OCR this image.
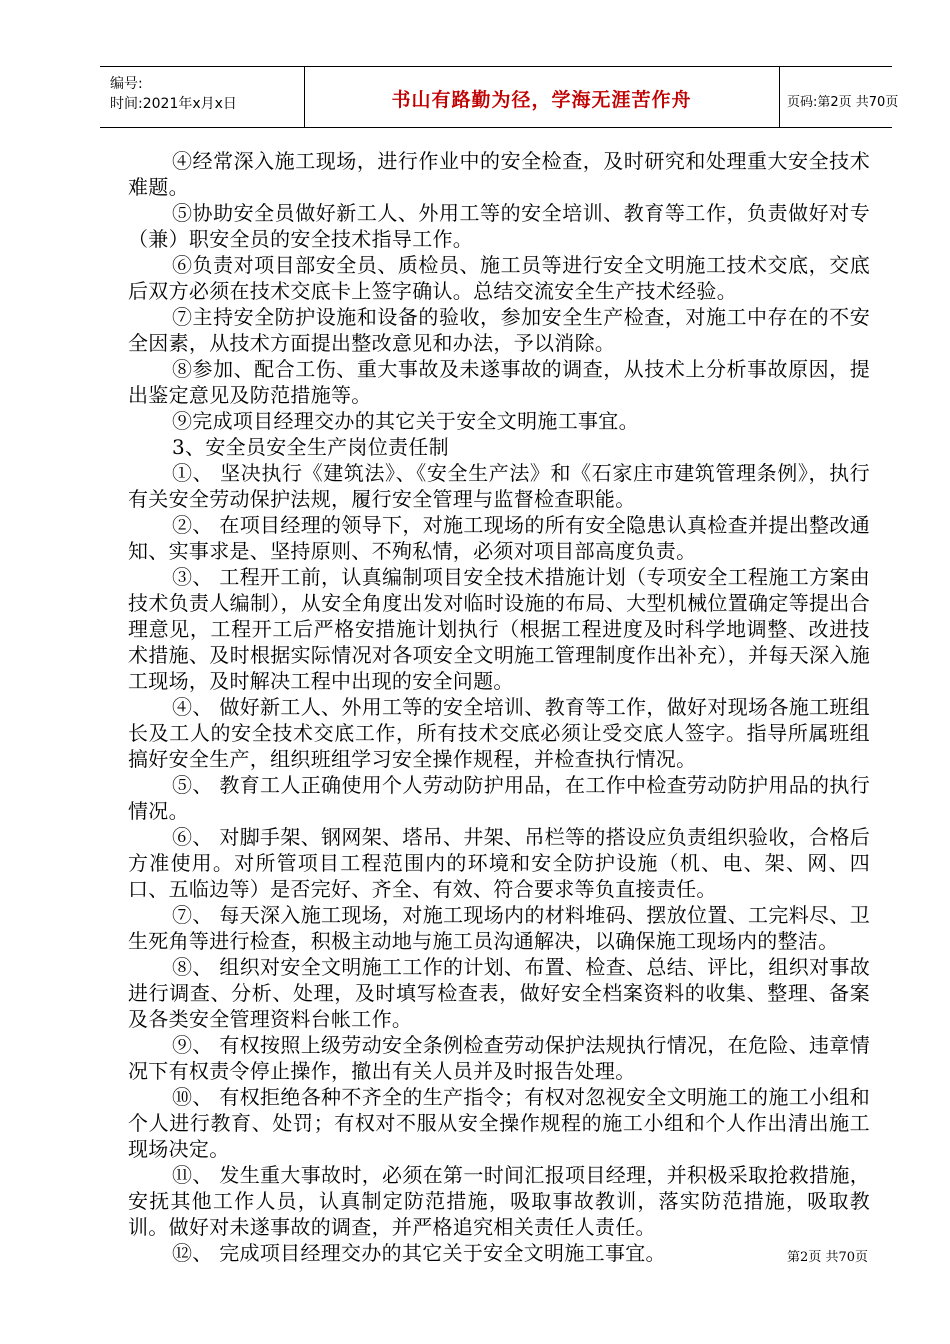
编号:
时间:2021年x月x日	书山有路勤为径，学海无涯苦作舟	页码:第2页 共70页

④经常深入施工现场，进行作业中的安全检查，及时研究和处理重大安全技术难题。

⑤协助安全员做好新工人、外用工等的安全培训、教育等工作，负责做好对专（兼）职安全员的安全技术指导工作。

⑥负责对项目部安全员、质检员、施工员等进行安全文明施工技术交底，交底后双方必须在技术交底卡上签字确认。总结交流安全生产技术经验。

⑦主持安全防护设施和设备的验收，参加安全生产检查，对施工中存在的不安全因素，从技术方面提出整改意见和办法，予以消除。

⑧参加、配合工伤、重大事故及未遂事故的调查，从技术上分析事故原因，提出鉴定意见及防范措施等。

⑨完成项目经理交办的其它关于安全文明施工事宜。

3、安全员安全生产岗位责任制

①、 坚决执行《建筑法》、《安全生产法》和《石家庄市建筑管理条例》，执行有关安全劳动保护法规，履行安全管理与监督检查职能。

②、 在项目经理的领导下，对施工现场的所有安全隐患认真检查并提出整改通知、实事求是、坚持原则、不殉私情，必须对项目部高度负责。

③、 工程开工前，认真编制项目安全技术措施计划（专项安全工程施工方案由技术负责人编制），从安全角度出发对临时设施的布局、大型机械位置确定等提出合理意见，工程开工后严格安措施计划执行（根据工程进度及时科学地调整、改进技术措施、及时根据实际情况对各项安全文明施工管理制度作出补充），并每天深入施工现场，及时解决工程中出现的安全问题。

④、 做好新工人、外用工等的安全培训、教育等工作，做好对现场各施工班组长及工人的安全技术交底工作，所有技术交底必须让受交底人签字。指导所属班组搞好安全生产，组织班组学习安全操作规程，并检查执行情况。

⑤、 教育工人正确使用个人劳动防护用品，在工作中检查劳动防护用品的执行情况。

⑥、 对脚手架、钢网架、塔吊、井架、吊栏等的搭设应负责组织验收，合格后方准使用。对所管项目工程范围内的环境和安全防护设施（机、电、架、网、四口、五临边等）是否完好、齐全、有效、符合要求等负直接责任。

⑦、 每天深入施工现场，对施工现场内的材料堆码、摆放位置、工完料尽、卫生死角等进行检查，积极主动地与施工员沟通解决，以确保施工现场内的整洁。

⑧、 组织对安全文明施工工作的计划、布置、检查、总结、评比，组织对事故进行调查、分析、处理，及时填写检查表，做好安全档案资料的收集、整理、备案及各类安全管理资料台帐工作。

⑨、 有权按照上级劳动安全条例检查劳动保护法规执行情况，在危险、违章情况下有权责令停止操作，撤出有关人员并及时报告处理。

⑩、 有权拒绝各种不齐全的生产指令；有权对忽视安全文明施工的施工小组和个人进行教育、处罚；有权对不服从安全操作规程的施工小组和个人作出清出施工现场决定。

⑪、 发生重大事故时，必须在第一时间汇报项目经理，并积极采取抢救措施，安抚其他工作人员，认真制定防范措施，吸取事故教训，落实防范措施，吸取教训。做好对未遂事故的调查，并严格追究相关责任人责任。

⑫、 完成项目经理交办的其它关于安全文明施工事宜。	第2页 共70页
